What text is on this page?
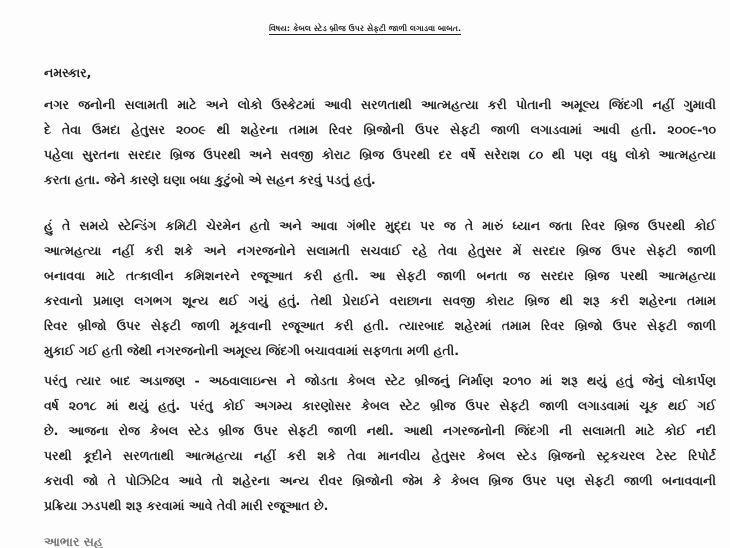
વિષય: કેબલ સ્ટેડ બ્રીજ ઉપર સેફટી જાળી લગાડવા બાબત.
નમસ્કાર,
નગર જનોની સલામતી માટે અને લોકો ઉસ્કેટમાં આવી સરળતાથી આત્મહત્યા કરી પોતાની અમૂલ્ય જિંદગી નહીં ગુમાવી
દે તેવા ઉમદા હેતુસર ૨૦૦૯ થી શહેરના તમામ રિવર બ્રિજોની ઉપર સેફટી જાળી લગાડવામાં આવી હતી. ૨૦૦૯-૧૦
પહેલા સુરતના સરદાર બ્રિજ ઉપરથી અને સવજી કોરાટ બ્રિજ ઉપરથી દર વર્ષે સરેરાશ ૮૦ થી પણ વધુ લોકો આત્મહત્યા
કરતા હતા. જેને કારણે ઘણા બધા કુટુંબો એ સહન કરવું પડતું હતું.
હું તે સમયે સ્ટેન્ડિંગ કમિટી ચેરમેન હતો અને આવા ગંભીર મુદ્દા પર જ તે મારું ધ્યાન જતા રિવર બ્રિજ ઉપરથી કોઈ
આત્મહત્યા નહીં કરી શકે અને નગરજનોને સલામતી સચવાઈ રહે તેવા હેતુસર મેં સરદાર બ્રિજ ઉપર સેફટી જાળી
બનાવવા માટે તત્કાલીન કમિશનરને રજૂઆત કરી હતી. આ સેફટી જાળી બનતા જ સરદાર બ્રિજ પરથી આત્મહત્યા
કરવાનો પ્રમાણ લગભગ શૂન્ય થઈ ગયું હતું. તેથી પ્રેરાઈને વરાછાના સવજી કોરાટ બ્રિજ થી શરૂ કરી શહેરના તમામ
રિવર બ્રીજો ઉપર સેફટી જાળી મૂકવાની રજૂઆત કરી હતી. ત્યારબાદ શહેરમાં તમામ રિવર બ્રિજો ઉપર સેફટી જાળી
મુકાઈ ગઈ હતી જેથી નગરજનોની અમૂલ્ય જિંદગી બચાવવામાં સફળતા મળી હતી.
પરંતુ ત્યાર બાદ અડાજણ - અઠવાલાઇન્સ ને જોડતા કેબલ સ્ટેટ બ્રીજનું નિર્માણ ૨૦૧૦ માં શરૂ થયું હતું જેનું લોકાર્પણ
વર્ષ ૨૦૧૮ માં થયું હતું. પરંતુ કોઈ અગમ્ય કારણોસર કેબલ સ્ટેટ બ્રીજ ઉપર સેફટી જાળી લગાડવામાં ચૂક થઈ ગઈ
છે. આજના રોજ કેબલ સ્ટેડ બ્રીજ ઉપર સેફટી જાળી નથી. આથી નગરજનોની જિંદગી ની સલામતી માટે કોઈ નદી
પરથી કૂદીને સરળતાથી આત્મહત્યા નહીં કરી શકે તેવા માનવીય હેતુસર કેબલ સ્ટેડ બ્રિજનો સ્ટ્રકચરલ ટેસ્ટ રિપોર્ટ
કરાવી જો તે પોઝિટિવ આવે તો શહેરના અન્ય રીવર બ્રિજોની જેમ કે કેબલ બ્રિજ ઉપર પણ સેફટી જાળી બનાવવાની
પ્રક્રિયા ઝડપથી શરૂ કરવામાં આવે તેવી મારી રજૂઆત છે.
આભાર સહ
